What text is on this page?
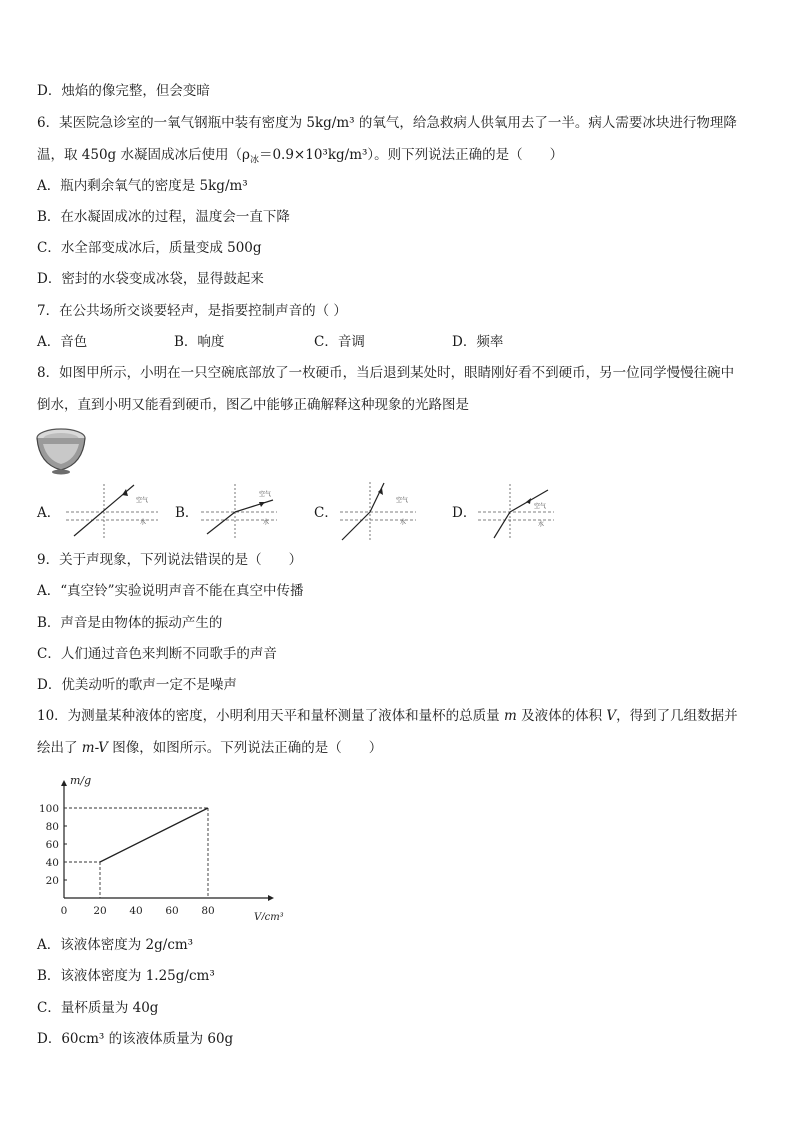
D．烛焰的像完整，但会变暗
6．某医院急诊室的一氧气钢瓶中装有密度为 5kg/m³ 的氧气，给急救病人供氧用去了一半。病人需要冰块进行物理降
温，取 450g 水凝固成冰后使用$(\rho_冰=0.9\times 10^3kg/m^3)$。则下列说法正确的是（　　）
A．瓶内剩余氧气的密度是 5kg/m³
B．在水凝固成冰的过程，温度会一直下降
C．水全部变成冰后，质量变成 500g
D．密封的水袋变成冰袋，显得鼓起来
7．在公共场所交谈要轻声，是指要控制声音的（ ）
A．音色	B．响度	C．音调	D．频率
8．如图甲所示，小明在一只空碗底部放了一枚硬币，当后退到某处时，眼睛刚好看不到硬币，另一位同学慢慢往碗中
倒水，直到小明又能看到硬币，图乙中能够正确解释这种现象的光路图是
A．
空气
水
B．
空气
水
C．
空气
水
D．	空气
水
9．关于声现象，下列说法错误的是（　　）
A．“真空铃”实验说明声音不能在真空中传播
B．声音是由物体的振动产生的
C．人们通过音色来判断不同歌手的声音
D．优美动听的歌声一定不是噪声
10．为测量某种液体的密度，小明利用天平和量杯测量了液体和量杯的总质量 m 及液体的体积 V，得到了几组数据并
绘出了 m-V 图像，如图所示。下列说法正确的是（　　）
m/g
V/cm³
0 20 40 60 80
20
40
60
80
100
A．该液体密度为 2g/cm³
B．该液体密度为 1.25g/cm³
C．量杯质量为 40g
D．60cm³ 的该液体质量为 60g
